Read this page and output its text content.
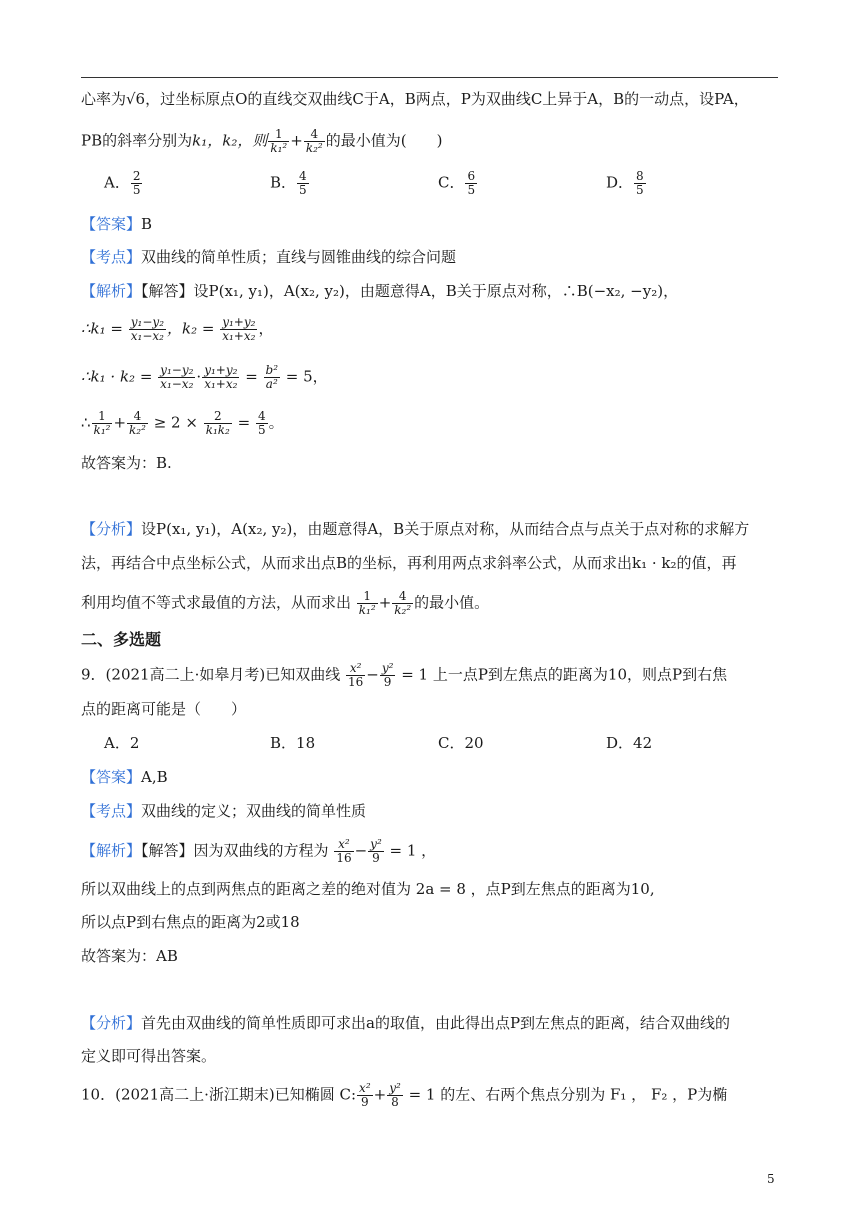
心率为√6，过坐标原点O的直线交双曲线C于A，B两点，P为双曲线C上异于A，B的一动点，设PA，
PB的斜率分别为k₁，k₂，则 $\frac{1}{\text{k₁²}} + \frac{4}{\text{k₂²}}$ 的最小值为(　　)
A． $\frac{2}{5}$	B． $\frac{4}{5}$	C． $\frac{6}{5}$	D． $\frac{8}{5}$
【答案】B
【考点】双曲线的简单性质；直线与圆锥曲线的综合问题
【解析】【解答】设P(x₁, y₁)，A(x₂, y₂)，由题意得A，B关于原点对称，∴B(−x₂, −y₂)，
∴k₁ = $\frac{\text{y₁−y₂}}{\text{x₁−x₂}}$ ，$k_2 = \frac{\text{y₁+y₂}}{\text{x₁+x₂}}$ ，
∴k₁ · $k_2 = \frac{\text{y₁−y₂}}{\text{x₁−x₂}} \cdot \frac{\text{y₁+y₂}}{\text{x₁+x₂}} = \frac{\text{b²}}{\text{a²}} = 5$，
∴ $\frac{1}{\text{k₁²}} + \frac{4}{\text{k₂²}} \ge 2 \times \frac{2}{\text{k₁k₂}} = \frac{4}{5}$ 。
故答案为：B.
【分析】设P(x₁, y₁)，A(x₂, y₂)，由题意得A，B关于原点对称，从而结合点与点关于点对称的求解方
法，再结合中点坐标公式，从而求出点B的坐标，再利用两点求斜率公式，从而求出k₁ · k₂的值，再
利用均值不等式求最值的方法，从而求出 $\frac{1}{\text{k₁²}} + \frac{4}{\text{k₂²}}$ 的最小值。
二、多选题
9．(2021高二上·如皋月考)已知双曲线 $\frac{\text{x²}}{16} - \frac{\text{y²}}{9} = 1$ 上一点P到左焦点的距离为10，则点P到右焦
点的距离可能是（　　）
A．2	B．18	C．20	D．42
【答案】A,B
【考点】双曲线的定义；双曲线的简单性质
【解析】【解答】因为双曲线的方程为 $\frac{\text{x²}}{16} - \frac{\text{y²}}{9} = 1$ ，
所以双曲线上的点到两焦点的距离之差的绝对值为 2a = 8 ，点P到左焦点的距离为10,
所以点P到右焦点的距离为2或18
故答案为：AB
【分析】首先由双曲线的简单性质即可求出a的取值，由此得出点P到左焦点的距离，结合双曲线的
定义即可得出答案。
10．(2021高二上·浙江期末)已知椭圆 C: $\frac{\text{x²}}{9} + \frac{\text{y²}}{8} = 1$ 的左、右两个焦点分别为 F₁ ， F₂ ，P为椭
5
